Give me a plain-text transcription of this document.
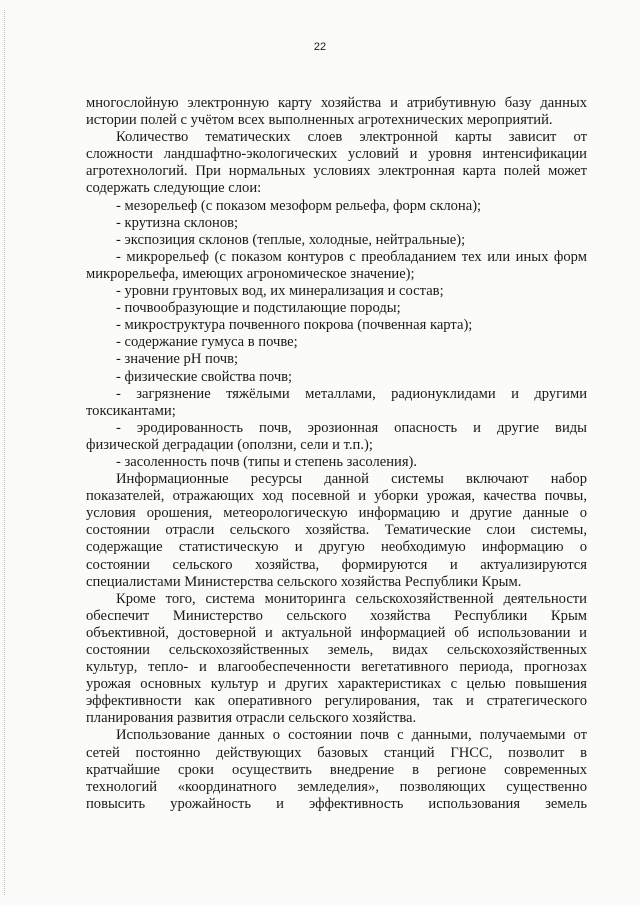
22

многослойную электронную карту хозяйства и атрибутивную базу данных

истории полей с учётом всех выполненных агротехнических мероприятий.

Количество тематических слоев электронной карты зависит от

сложности ландшафтно-экологических условий и уровня интенсификации

агротехнологий. При нормальных условиях электронная карта полей может

содержать следующие слои:

- мезорельеф (с показом мезоформ рельефа, форм склона);

- крутизна склонов;

- экспозиция склонов (теплые, холодные, нейтральные);

- микрорельеф (с показом контуров с преобладанием тех или иных форм

микрорельефа, имеющих агрономическое значение);

- уровни грунтовых вод, их минерализация и состав;

- почвообразующие и подстилающие породы;

- микроструктура почвенного покрова (почвенная карта);

- содержание гумуса в почве;

- значение рН почв;

- физические свойства почв;

- загрязнение тяжёлыми металлами, радионуклидами и другими

токсикантами;

- эродированность почв, эрозионная опасность и другие виды

физической деградации (оползни, сели и т.п.);

- засоленность почв (типы и степень засоления).

Информационные ресурсы данной системы включают набор

показателей, отражающих ход посевной и уборки урожая, качества почвы,

условия орошения, метеорологическую информацию и другие данные о

состоянии отрасли сельского хозяйства. Тематические слои системы,

содержащие статистическую и другую необходимую информацию о

состоянии сельского хозяйства, формируются и актуализируются

специалистами Министерства сельского хозяйства Республики Крым.

Кроме того, система мониторинга сельскохозяйственной деятельности

обеспечит Министерство сельского хозяйства Республики Крым

объективной, достоверной и актуальной информацией об использовании и

состоянии сельскохозяйственных земель, видах сельскохозяйственных

культур, тепло- и влагообеспеченности вегетативного периода, прогнозах

урожая основных культур и других характеристиках с целью повышения

эффективности как оперативного регулирования, так и стратегического

планирования развития отрасли сельского хозяйства.

Использование данных о состоянии почв с данными, получаемыми от

сетей постоянно действующих базовых станций ГНСС, позволит в

кратчайшие сроки осуществить внедрение в регионе современных

технологий «координатного земледелия», позволяющих существенно

повысить урожайность и эффективность использования земель
